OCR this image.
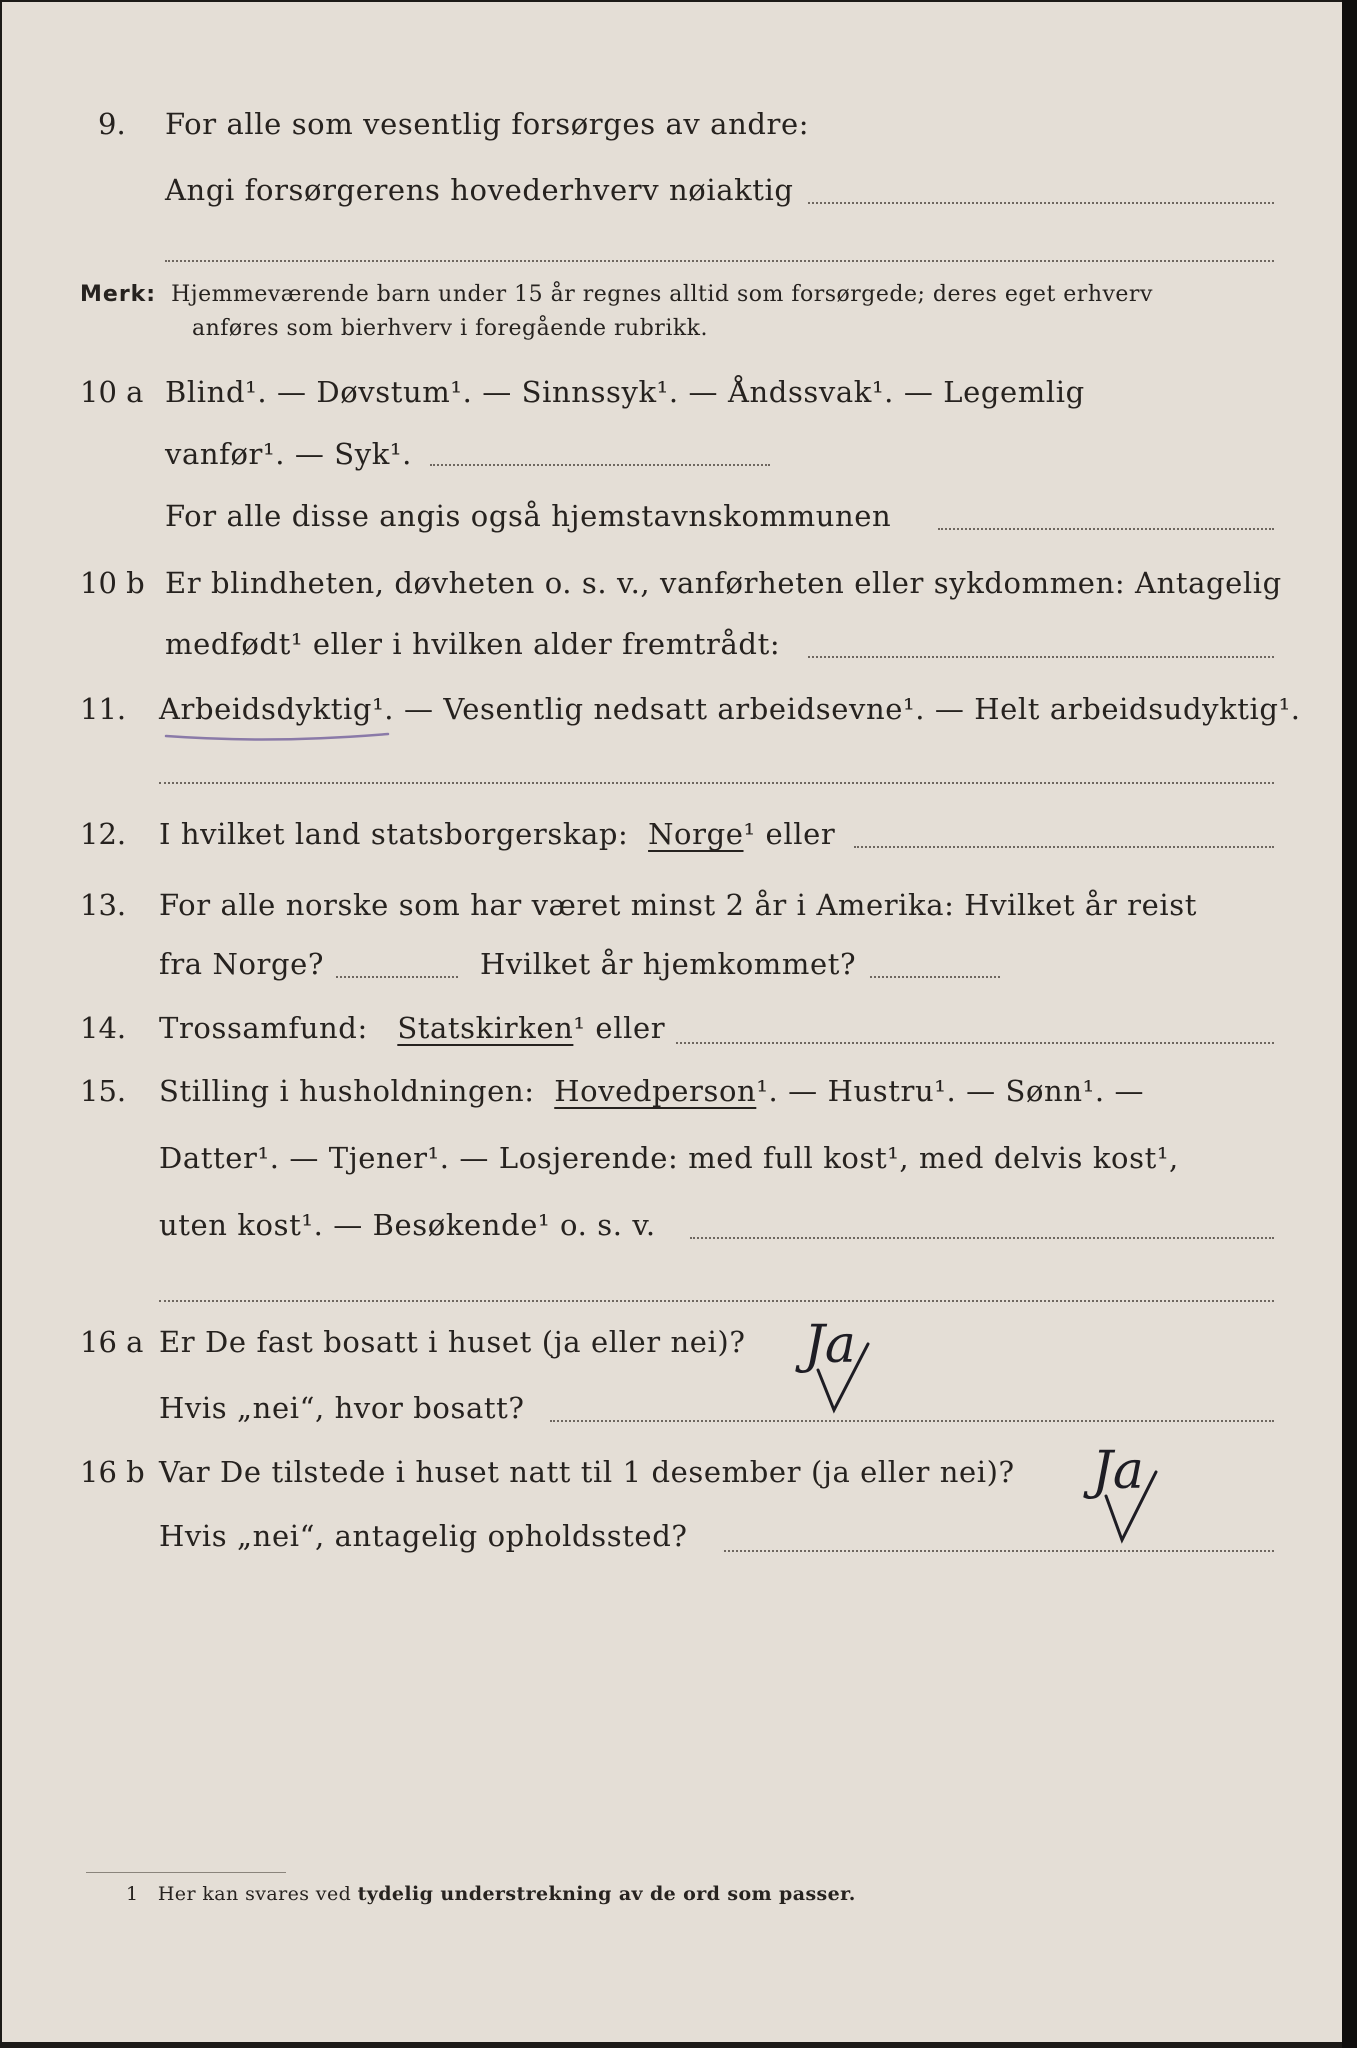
9. For alle som vesentlig forsørges av andre:
Angi forsørgerens hovederhverv nøiaktig
Merk: Hjemmeværende barn under 15 år regnes alltid som forsørgede; deres eget erhverv
anføres som bierhverv i foregående rubrikk.
10 a Blind¹. — Døvstum¹. — Sinnssyk¹. — Åndssvak¹. — Legemlig
vanfør¹. — Syk¹.
For alle disse angis også hjemstavnskommunen
10 b Er blindheten, døvheten o. s. v., vanførheten eller sykdommen: Antagelig
medfødt¹ eller i hvilken alder fremtrådt:
11. Arbeidsdyktig¹. — Vesentlig nedsatt arbeidsevne¹. — Helt arbeidsudyktig¹.
12. I hvilket land statsborgerskap: Norge¹ eller
13. For alle norske som har været minst 2 år i Amerika: Hvilket år reist
fra Norge?	Hvilket år hjemkommet?
14. Trossamfund: Statskirken¹ eller
15. Stilling i husholdningen: Hovedperson¹. — Hustru¹. — Sønn¹. —
Datter¹. — Tjener¹. — Losjerende: med full kost¹, med delvis kost¹,
uten kost¹. — Besøkende¹ o. s. v.
16 a Er De fast bosatt i huset (ja eller nei)?
Hvis „nei“, hvor bosatt?
Ja
16 b Var De tilstede i huset natt til 1 desember (ja eller nei)?
Hvis „nei“, antagelig opholdssted?
Ja
1 Her kan svares ved tydelig understrekning av de ord som passer.
